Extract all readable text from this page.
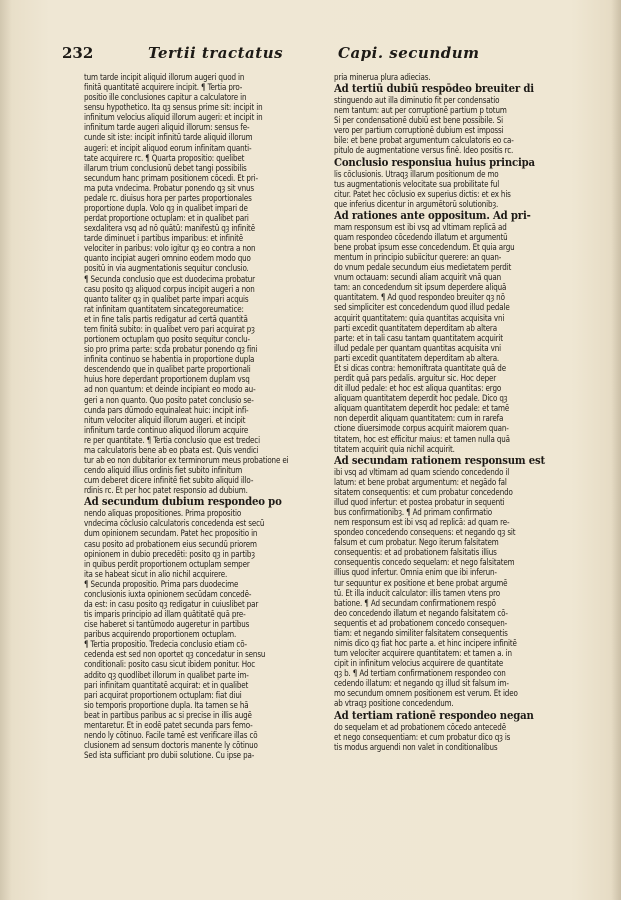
232	Tertii tractatus	Capi. secundum
tum tarde incipit aliquid illorum augeri quod in
finitā quantitatē acquirere incipit. ¶ Tertia pro-
positio ille conclusiones capitur a calculatore in
sensu hypothetico. Ita qȝ sensus prime sit: incipit in
infinitum velocius aliquid illorum augeri: et incipit in
infinitum tarde augeri aliquid illorum: sensus fe-
cunde sit iste: incipit infinitū tarde aliquid illorum
augeri: et incipit aliquod eorum infinitam quanti-
tate acquirere rc. ¶ Quarta propositio: quelibet
illarum trium conclusionū debet tangi possibilis
secundum hanc primam positionem cōcedi. Et pri-
ma puta vndecima. Probatur ponendo qȝ sit vnus
pedale rc. diuisus hora per partes proportionales
proportione dupla. Volo qȝ in qualibet impari de
perdat proportione octuplam: et in qualibet pari
sexdalitera vsq ad nō quātū: manifestū qȝ infinitē
tarde diminuet i partibus imparibus: et infinitē
velociter in paribus: volo igitur qȝ eo contra a non
quanto incipiat augeri omnino eodem modo quo
positū in via augmentationis sequitur conclusio.
¶ Secunda conclusio que est duodecima probatur
casu posito qȝ aliquod corpus incipit augeri a non
quanto taliter qȝ in qualibet parte impari acquis
rat infinitam quantitatem sincategoreumatice:
et in fine talis partis redigatur ad certā quantitā
tem finitā subito: in qualibet vero pari acquirat pȝ
portionem octuplam quo posito sequitur conclu-
sio pro prima parte: scd̄a probatur ponendo qȝ fini
infinita continuo se habentia in proportione dupla
descendendo que in qualibet parte proportionali
huius hore deperdant proportionem duplam vsq
ad non quantum: et deinde incipiant eo modo au-
geri a non quanto. Quo posito patet conclusio se-
cunda pars dūmodo equinaleat huic: incipit infi-
nitum velociter aliquid illorum augeri. et incipit
infinitum tarde continuo aliquod illorum acquire
re per quantitate. ¶ Tertia conclusio que est tredeci
ma calculatoris bene ab eo pbata est. Quis vendici
tur ab eo non dubitarior ex terminorum meus probatione ei
cendo aliquid illius ordinis fiet subito infinitum
cum deberet dicere infinitē fiet subito aliquid illo-
rdinis rc. Et per hoc patet responsio ad dubium.
Ad secundum dubium respondeo po
nendo aliquas propositiones. Prima propositio
vndecima cōclusio calculatoris concedenda est secū
dum opinionem secundam. Patet hec propositio in
casu posito ad probationem eius secundū priorem
opinionem in dubio precedēti: posito qȝ in partibȝ
in quibus perdit proportionem octuplam semper
ita se habeat sicut in alio nichil acquirere.
¶ Secunda propositio. Prima pars duodecime
conclusionis iuxta opinionem secūdam concedē-
da est: in casu posito qȝ redigatur in cuiuslibet par
tis imparis principio ad illam quātitatē quā pre-
cise haberet si tantūmodo augeretur in partibus
paribus acquirendo proportionem octuplam.
¶ Tertia propositio. Tredecia conclusio etiam cō-
cedenda est sed non oportet qȝ concedatur in sensu
conditionali: posito casu sicut ibidem ponitur. Hoc
addito qȝ quodlibet illorum in qualibet parte im-
pari infinitam quantitatē acquirat: et in qualibet
pari acquirat proportionem octuplam: fiat diui
sio temporis proportione dupla. Ita tamen se hā
beat in partibus paribus ac si precise in illis augē
mentaretur. Et in eodē patet secunda pars femo-
nendo ly cōtinuo. Facile tamē est verificare illas cō
clusionem ad sensum doctoris manente ly cōtinuo
Sed ista sufficiant pro dubii solutione. Cu ipse pa-
pria minerua plura adiecias.
Ad tertiū dubiū respōdeo breuiter di
stinguendo aut illa diminutio fit per condensatio
nem tantum: aut per corruptionē partium p totum
Si per condensationē dubiū est bene possibile. Si
vero per partium corruptionē dubium est impossi
bile: et bene probat argumentum calculatoris eo ca-
pitulo de augmentatione versus finē. Ideo positis rc.
Conclusio responsiua huius principa
lis cōclusionis. Utraqȝ illarum positionum de mo
tus augmentationis velocitate sua probilitate ful
citur. Patet hec cōclusio ex superius dictis: et ex his
que inferius dicentur in argumētorū solutionibȝ.
Ad rationes ante oppositum. Ad pri-
mam responsum est ibi vsq ad vltimam replicā ad
quam respondeo cōcedendo illatum et argumentū
bene probat ipsum esse concedendum. Et quia argu
mentum in principio subiicitur querere: an quan-
do vnum pedale secundum eius medietatem perdit
vnum octauam: secundi aliam acquirit vnā quan
tam: an concedendum sit ipsum deperdere aliquā
quantitatem. ¶ Ad quod respondeo breuiter qȝ nō
sed simpliciter est concedendum quod illud pedale
acquirit quantitatem: quia quantitas acquisita vni
parti excedit quantitatem deperditam ab altera
parte: et in tali casu tantam quantitatem acquirit
illud pedale per quantam quantitas acquisita vni
parti excedit quantitatem deperditam ab altera.
Et si dicas contra: hemoniftrata quantitate quā de
perdit quā pars pedalis. arguitur sic. Hoc deper
dit illud pedale: et hoc est aliqua quantitas: ergo
aliquam quantitatem deperdit hoc pedale. Dico qȝ
aliquam quantitatem deperdit hoc pedale: et tamē
non deperdit aliquam quantitatem: cum in rarefa
ctione diuersimode corpus acquirit maiorem quan-
titatem, hoc est efficitur maius: et tamen nulla quā
titatem acquirit quia nichil acquirit.
Ad secundam rationem responsum est
ibi vsq ad vltimam ad quam sciendo concedendo il
latum: et bene probat argumentum: et negādo fal
sitatem consequentis: et cum probatur concedendo
illud quod infertur: et postea probatur in sequenti
bus confirmationibȝ. ¶ Ad primam confirmatio
nem responsum est ibi vsq ad replicā: ad quam re-
spondeo concedendo consequens: et negando qȝ sit
falsum et cum probatur. Nego iterum falsitatem
consequentis: et ad probationem falsitatis illius
consequentis concedo sequelam: et nego falsitatem
illius quod infertur. Omnia enim que ibi inferun-
tur sequuntur ex positione et bene probat argumē
tū. Et illa inducit calculator: illis tamen vtens pro
batione. ¶ Ad secundam confirmationem respō
deo concedendo illatum et negando falsitatem cō-
sequentis et ad probationem concedo consequen-
tiam: et negando similiter falsitatem consequentis
nimis dico qȝ fiat hoc parte a. et hinc incipere infinitē
tum velociter acquirere quantitatem: et tamen a. in
cipit in infinitum velocius acquirere de quantitate
qȝ b. ¶ Ad tertiam confirmationem respondeo con
cedendo illatum: et negando qȝ illud sit falsum im-
mo secundum omnem positionem est verum. Et ideo
ab vtraqȝ positione concedendum.
Ad tertiam rationē respondeo negan
do sequelam et ad probationem cōcedo antecedē
et nego consequentiam: et cum probatur dico qȝ is
tis modus arguendi non valet in conditionalibus
